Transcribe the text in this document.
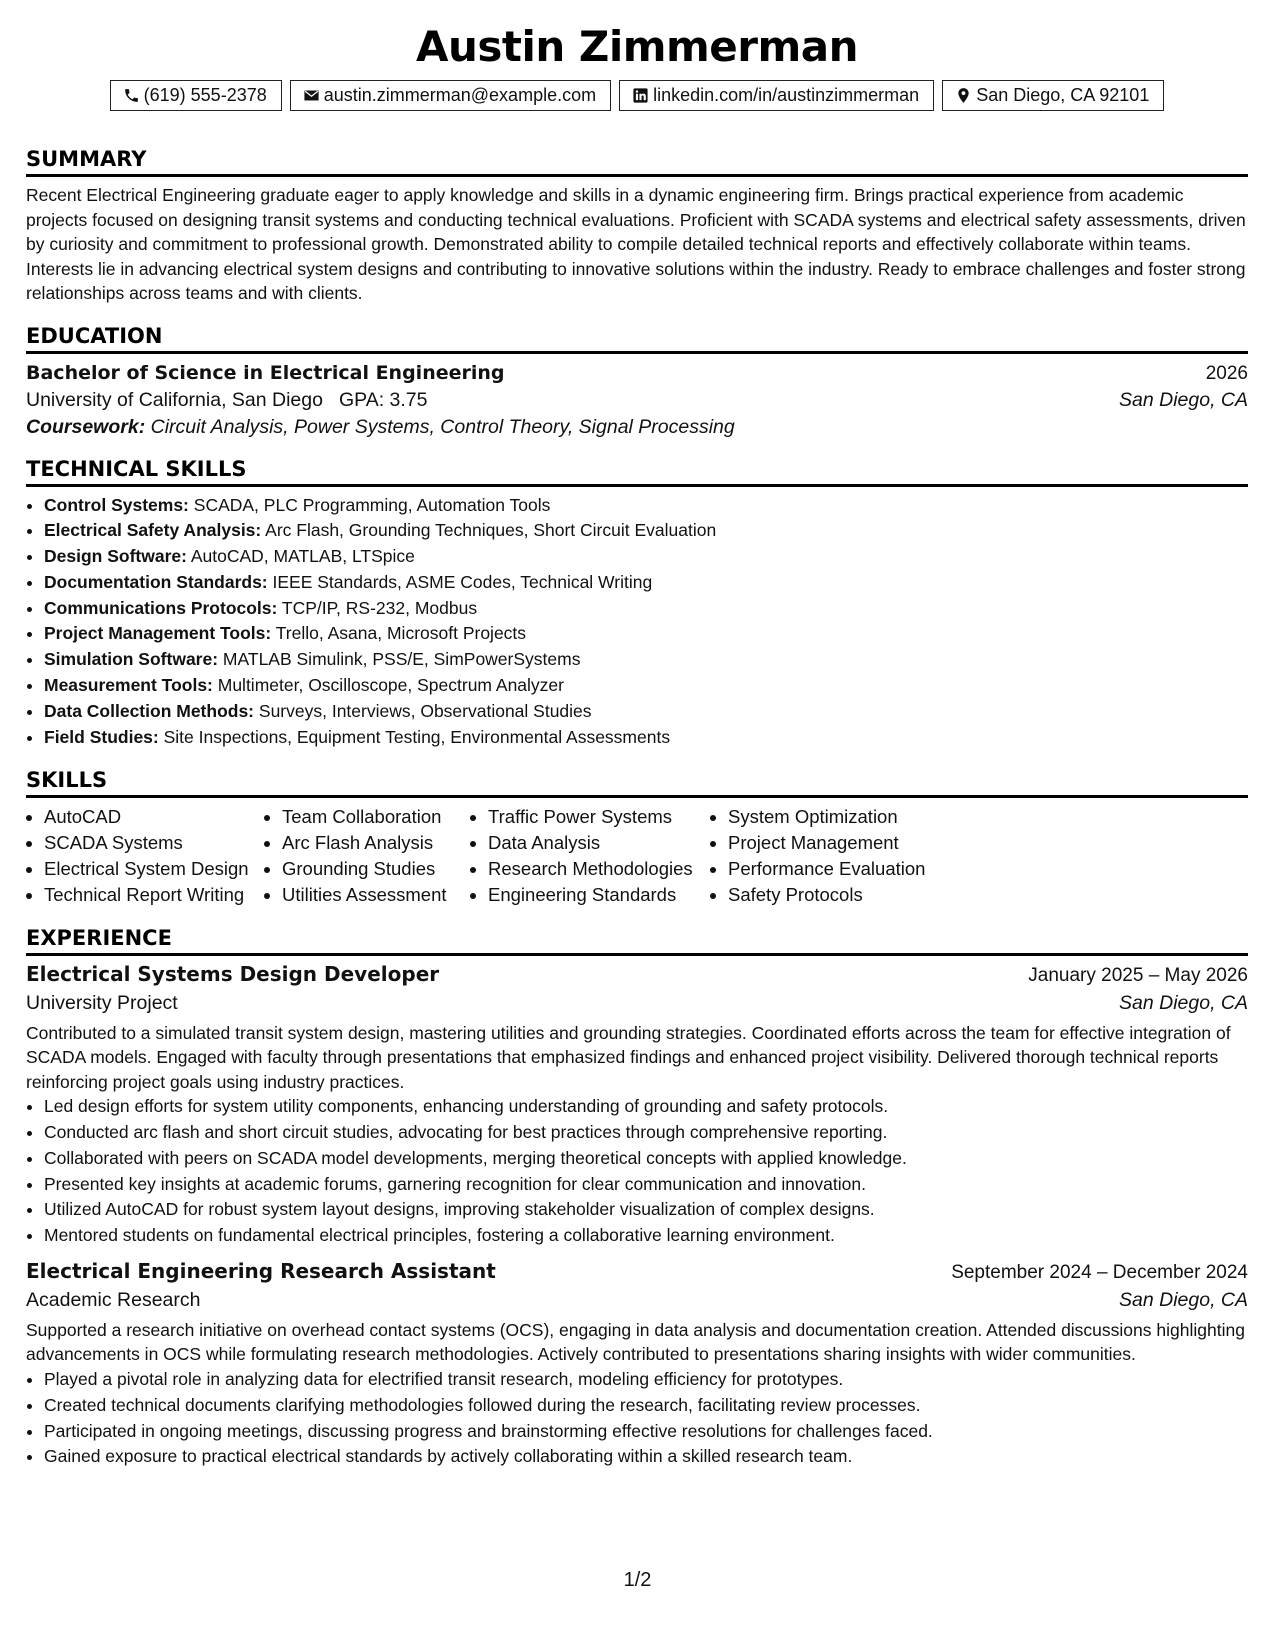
Austin Zimmerman
(619) 555-2378	austin.zimmerman@example.com	linkedin.com/in/austinzimmerman	San Diego, CA 92101
SUMMARY

Recent Electrical Engineering graduate eager to apply knowledge and skills in a dynamic engineering firm. Brings practical experience from academic projects focused on designing transit systems and conducting technical evaluations. Proficient with SCADA systems and electrical safety assessments, driven by curiosity and commitment to professional growth. Demonstrated ability to compile detailed technical reports and effectively collaborate within teams. Interests lie in advancing electrical system designs and contributing to innovative solutions within the industry. Ready to embrace challenges and foster strong relationships across teams and with clients.

EDUCATION
Bachelor of Science in Electrical Engineering	2026
University of California, San Diego GPA: 3.75	San Diego, CA
Coursework: Circuit Analysis, Power Systems, Control Theory, Signal Processing
TECHNICAL SKILLS
• Control Systems: SCADA, PLC Programming, Automation Tools
• Electrical Safety Analysis: Arc Flash, Grounding Techniques, Short Circuit Evaluation
• Design Software: AutoCAD, MATLAB, LTSpice
• Documentation Standards: IEEE Standards, ASME Codes, Technical Writing
• Communications Protocols: TCP/IP, RS-232, Modbus
• Project Management Tools: Trello, Asana, Microsoft Projects
• Simulation Software: MATLAB Simulink, PSS/E, SimPowerSystems
• Measurement Tools: Multimeter, Oscilloscope, Spectrum Analyzer
• Data Collection Methods: Surveys, Interviews, Observational Studies
• Field Studies: Site Inspections, Equipment Testing, Environmental Assessments
SKILLS
• AutoCAD
• SCADA Systems
• Electrical System Design
• Technical Report Writing
• Team Collaboration
• Arc Flash Analysis
• Grounding Studies
• Utilities Assessment
• Traffic Power Systems
• Data Analysis
• Research Methodologies
• Engineering Standards
• System Optimization
• Project Management
• Performance Evaluation
• Safety Protocols
EXPERIENCE
Electrical Systems Design Developer	January 2025 – May 2026
University Project	San Diego, CA

Contributed to a simulated transit system design, mastering utilities and grounding strategies. Coordinated efforts across the team for effective integration of SCADA models. Engaged with faculty through presentations that emphasized findings and enhanced project visibility. Delivered thorough technical reports reinforcing project goals using industry practices.

• Led design efforts for system utility components, enhancing understanding of grounding and safety protocols.
• Conducted arc flash and short circuit studies, advocating for best practices through comprehensive reporting.
• Collaborated with peers on SCADA model developments, merging theoretical concepts with applied knowledge.
• Presented key insights at academic forums, garnering recognition for clear communication and innovation.
• Utilized AutoCAD for robust system layout designs, improving stakeholder visualization of complex designs.
• Mentored students on fundamental electrical principles, fostering a collaborative learning environment.
Electrical Engineering Research Assistant	September 2024 – December 2024
Academic Research	San Diego, CA

Supported a research initiative on overhead contact systems (OCS), engaging in data analysis and documentation creation. Attended discussions highlighting advancements in OCS while formulating research methodologies. Actively contributed to presentations sharing insights with wider communities.

• Played a pivotal role in analyzing data for electrified transit research, modeling efficiency for prototypes.
• Created technical documents clarifying methodologies followed during the research, facilitating review processes.
• Participated in ongoing meetings, discussing progress and brainstorming effective resolutions for challenges faced.
• Gained exposure to practical electrical standards by actively collaborating within a skilled research team.
1/2
